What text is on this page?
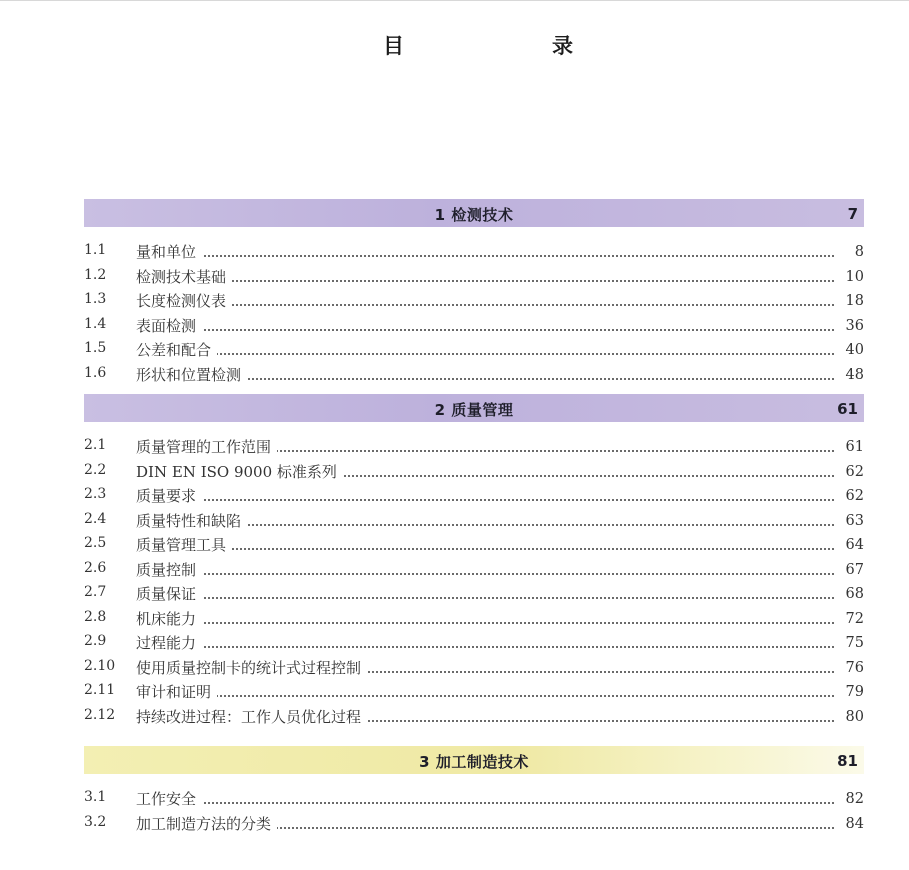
目	录
1 检测技术	7
1.1 量和单位	8
1.2 检测技术基础	10
1.3 长度检测仪表	18
1.4 表面检测	36
1.5 公差和配合	40
1.6 形状和位置检测	48
2 质量管理	61
2.1 质量管理的工作范围	61
2.2 DIN EN ISO 9000 标准系列	62
2.3 质量要求	62
2.4 质量特性和缺陷	63
2.5 质量管理工具	64
2.6 质量控制	67
2.7 质量保证	68
2.8 机床能力	72
2.9 过程能力	75
2.10 使用质量控制卡的统计式过程控制	76
2.11 审计和证明	79
2.12 持续改进过程：工作人员优化过程	80
3 加工制造技术	81
3.1 工作安全	82
3.2 加工制造方法的分类	84
